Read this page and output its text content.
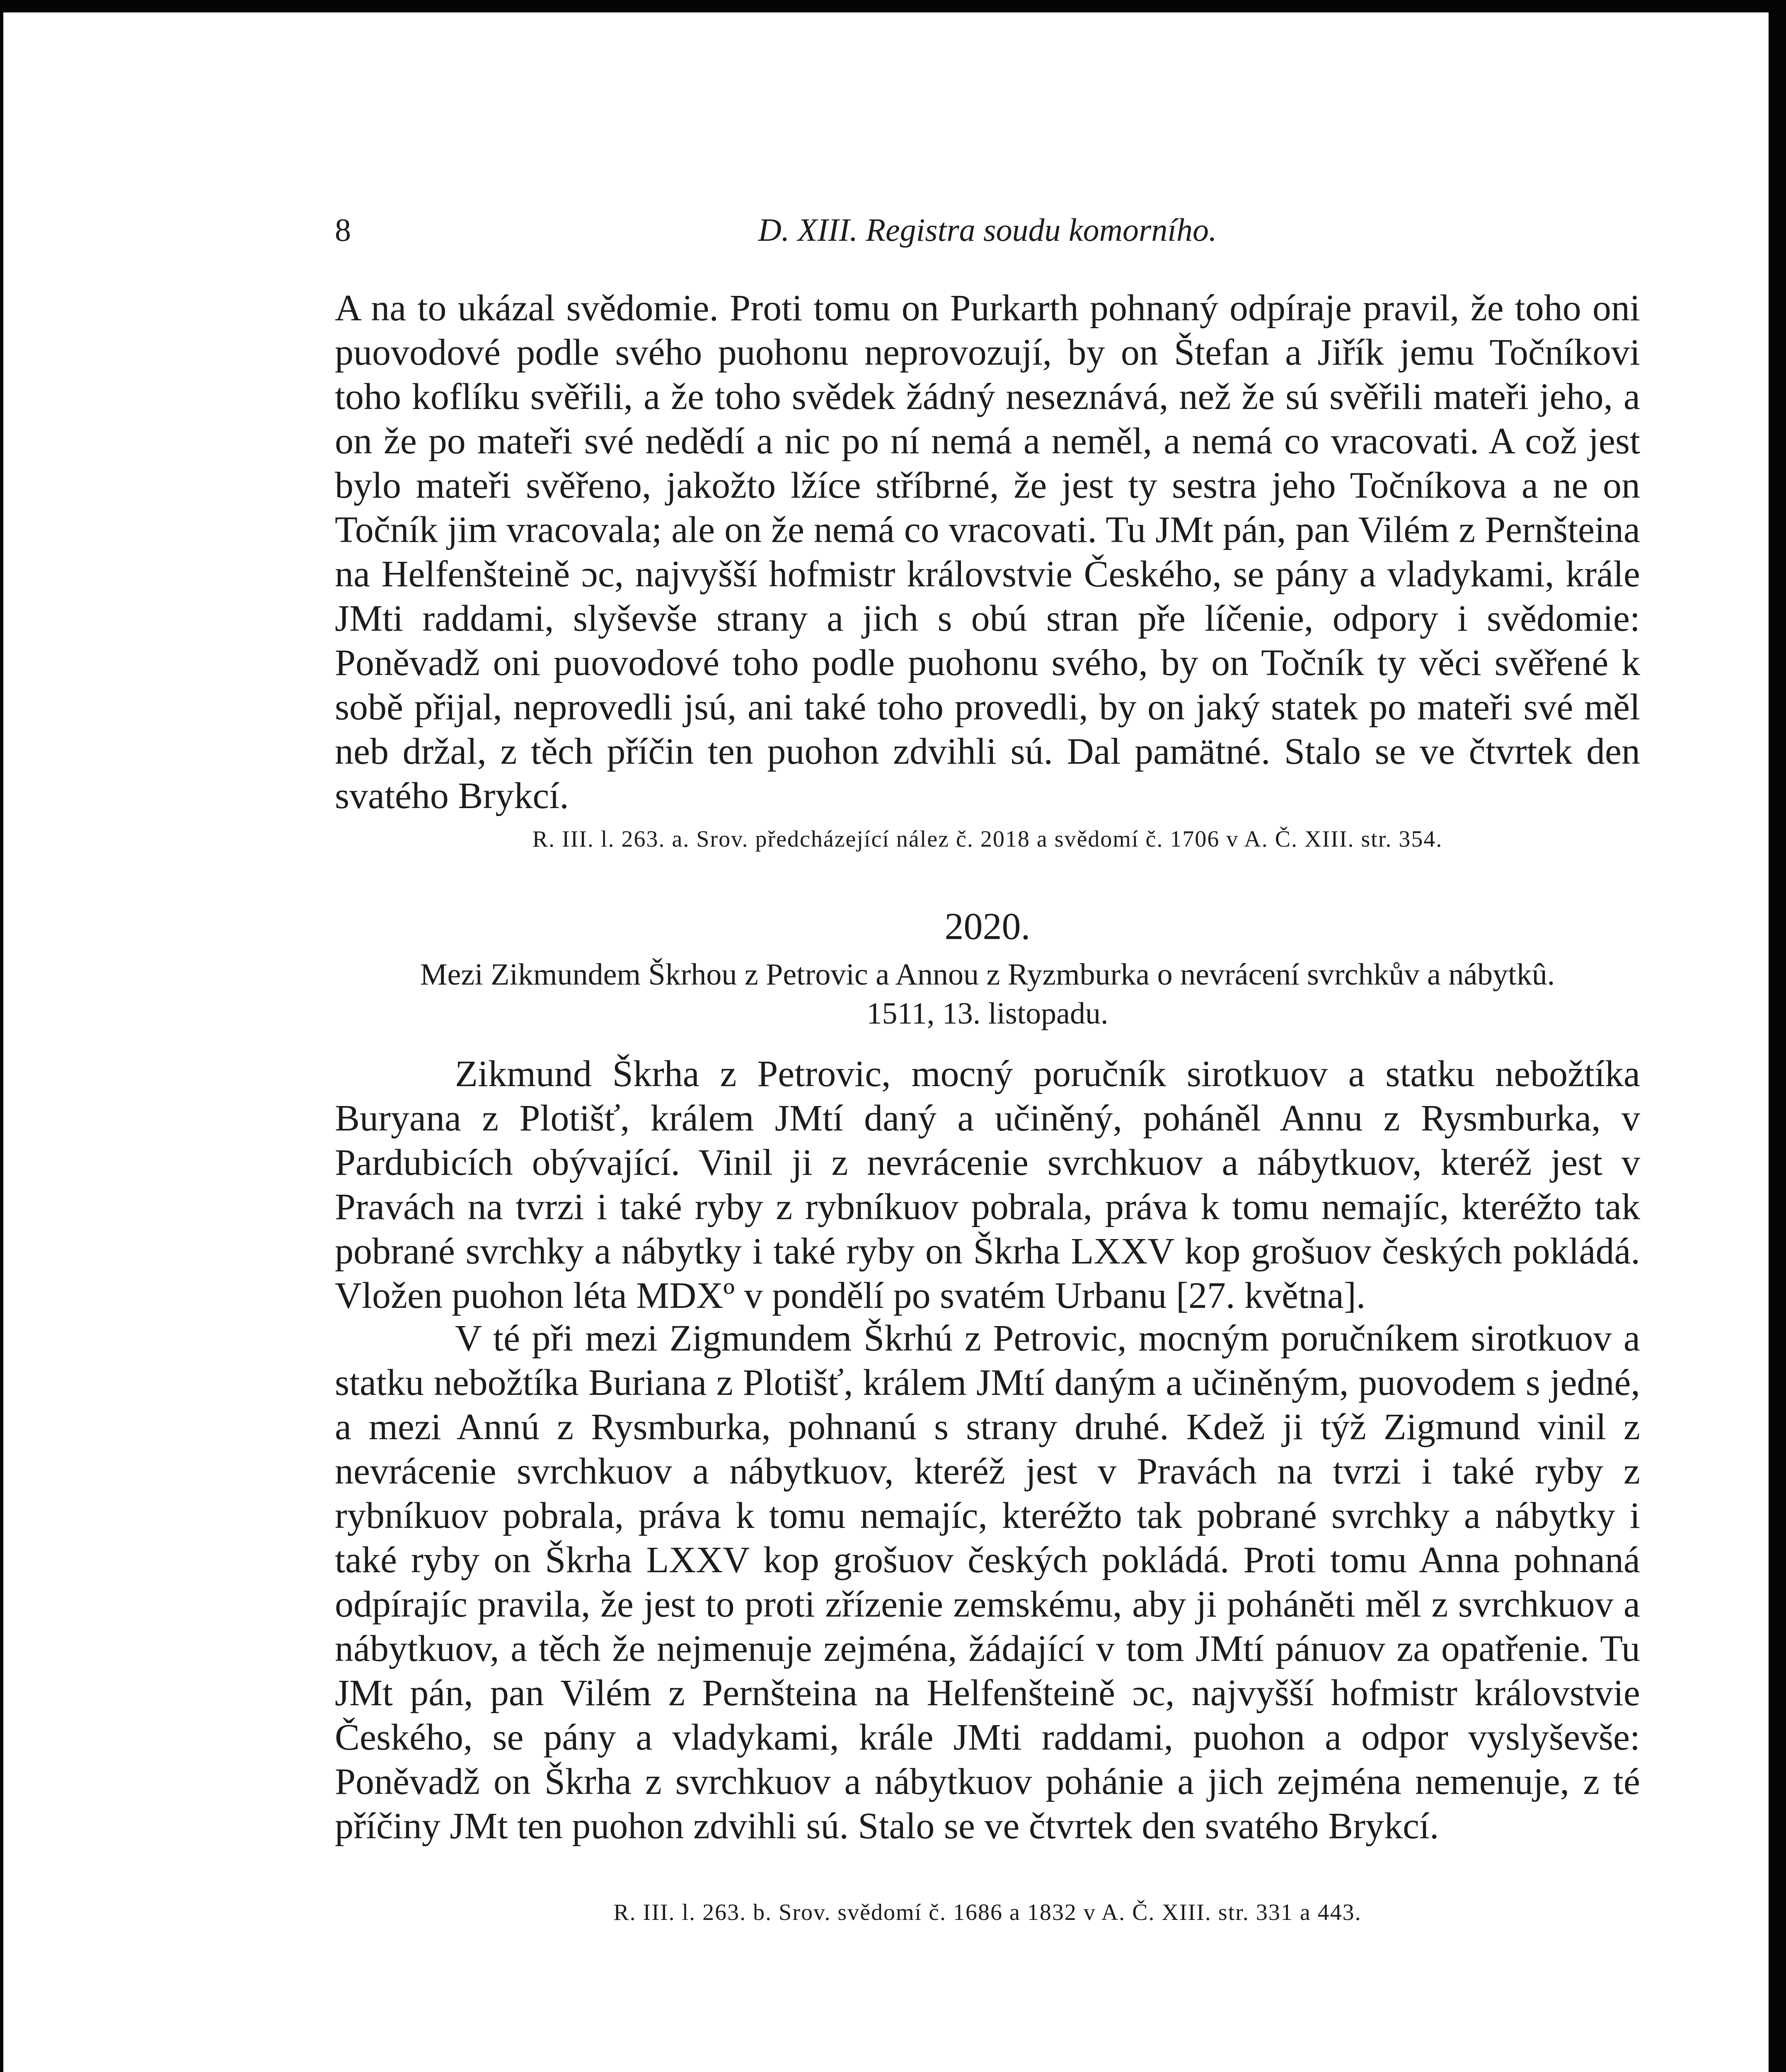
8	D. XIII. Registra soudu komorního.

A na to ukázal svědomie. Proti tomu on Purkarth pohnaný odpíraje pravil, že toho oni puovodové podle svého puohonu neprovozují, by on Štefan a Jiřík jemu Točníkovi toho koflíku svěřili, a že toho svědek žádný neseznává, než že sú svěřili mateři jeho, a on že po mateři své nedědí a nic po ní nemá a neměl, a nemá co vracovati. A což jest bylo mateři svěřeno, jakožto lžíce stříbrné, že jest ty sestra jeho Točníkova a ne on Točník jim vracovala; ale on že nemá co vracovati. Tu JMt pán, pan Vilém z Pernšteina na Helfenšteině ɔc, najvyšší hofmistr královstvie Českého, se pány a vladykami, krále JMti raddami, slyševše strany a jich s obú stran pře líčenie, odpory i svědomie: Poněvadž oni puovodové toho podle puohonu svého, by on Točník ty věci svěřené k sobě přijal, neprovedli jsú, ani také toho provedli, by on jaký statek po mateři své měl neb držal, z těch příčin ten puohon zdvihli sú. Dal pamätné. Stalo se ve čtvrtek den svatého Brykcí.

R. III. l. 263. a. Srov. předcházející nález č. 2018 a svědomí č. 1706 v A. Č. XIII. str. 354.

2020.

Mezi Zikmundem Škrhou z Petrovic a Annou z Ryzmburka o nevrácení svrchkův a nábytkû.
1511, 13. listopadu.

Zikmund Škrha z Petrovic, mocný poručník sirotkuov a statku nebožtíka Buryana z Plotišť, králem JMtí daný a učiněný, poháněl Annu z Rysmburka, v Pardubicích obývající. Vinil ji z nevrácenie svrchkuov a nábytkuov, kteréž jest v Pravách na tvrzi i také ryby z rybníkuov pobrala, práva k tomu nemajíc, kteréžto tak pobrané svrchky a nábytky i také ryby on Škrha LXXV kop grošuov českých pokládá. Vložen puohon léta MDXº v pondělí po svatém Urbanu [27. května].

V té při mezi Zigmundem Škrhú z Petrovic, mocným poručníkem sirotkuov a statku nebožtíka Buriana z Plotišť, králem JMtí daným a učiněným, puovodem s jedné, a mezi Annú z Rysmburka, pohnanú s strany druhé. Kdež ji týž Zigmund vinil z nevrácenie svrchkuov a nábytkuov, kteréž jest v Pravách na tvrzi i také ryby z rybníkuov pobrala, práva k tomu nemajíc, kteréžto tak pobrané svrchky a nábytky i také ryby on Škrha LXXV kop grošuov českých pokládá. Proti tomu Anna pohnaná odpírajíc pravila, že jest to proti zřízenie zemskému, aby ji pohánĕti měl z svrchkuov a nábytkuov, a těch že nejmenuje zejména, žádající v tom JMtí pánuov za opatřenie. Tu JMt pán, pan Vilém z Pernšteina na Helfenšteině ɔc, najvyšší hofmistr královstvie Českého, se pány a vladykami, krále JMti raddami, puohon a odpor vyslyševše: Poněvadž on Škrha z svrchkuov a nábytkuov pohánie a jich zejména nemenuje, z té příčiny JMt ten puohon zdvihli sú. Stalo se ve čtvrtek den svatého Brykcí.

R. III. l. 263. b. Srov. svědomí č. 1686 a 1832 v A. Č. XIII. str. 331 a 443.
